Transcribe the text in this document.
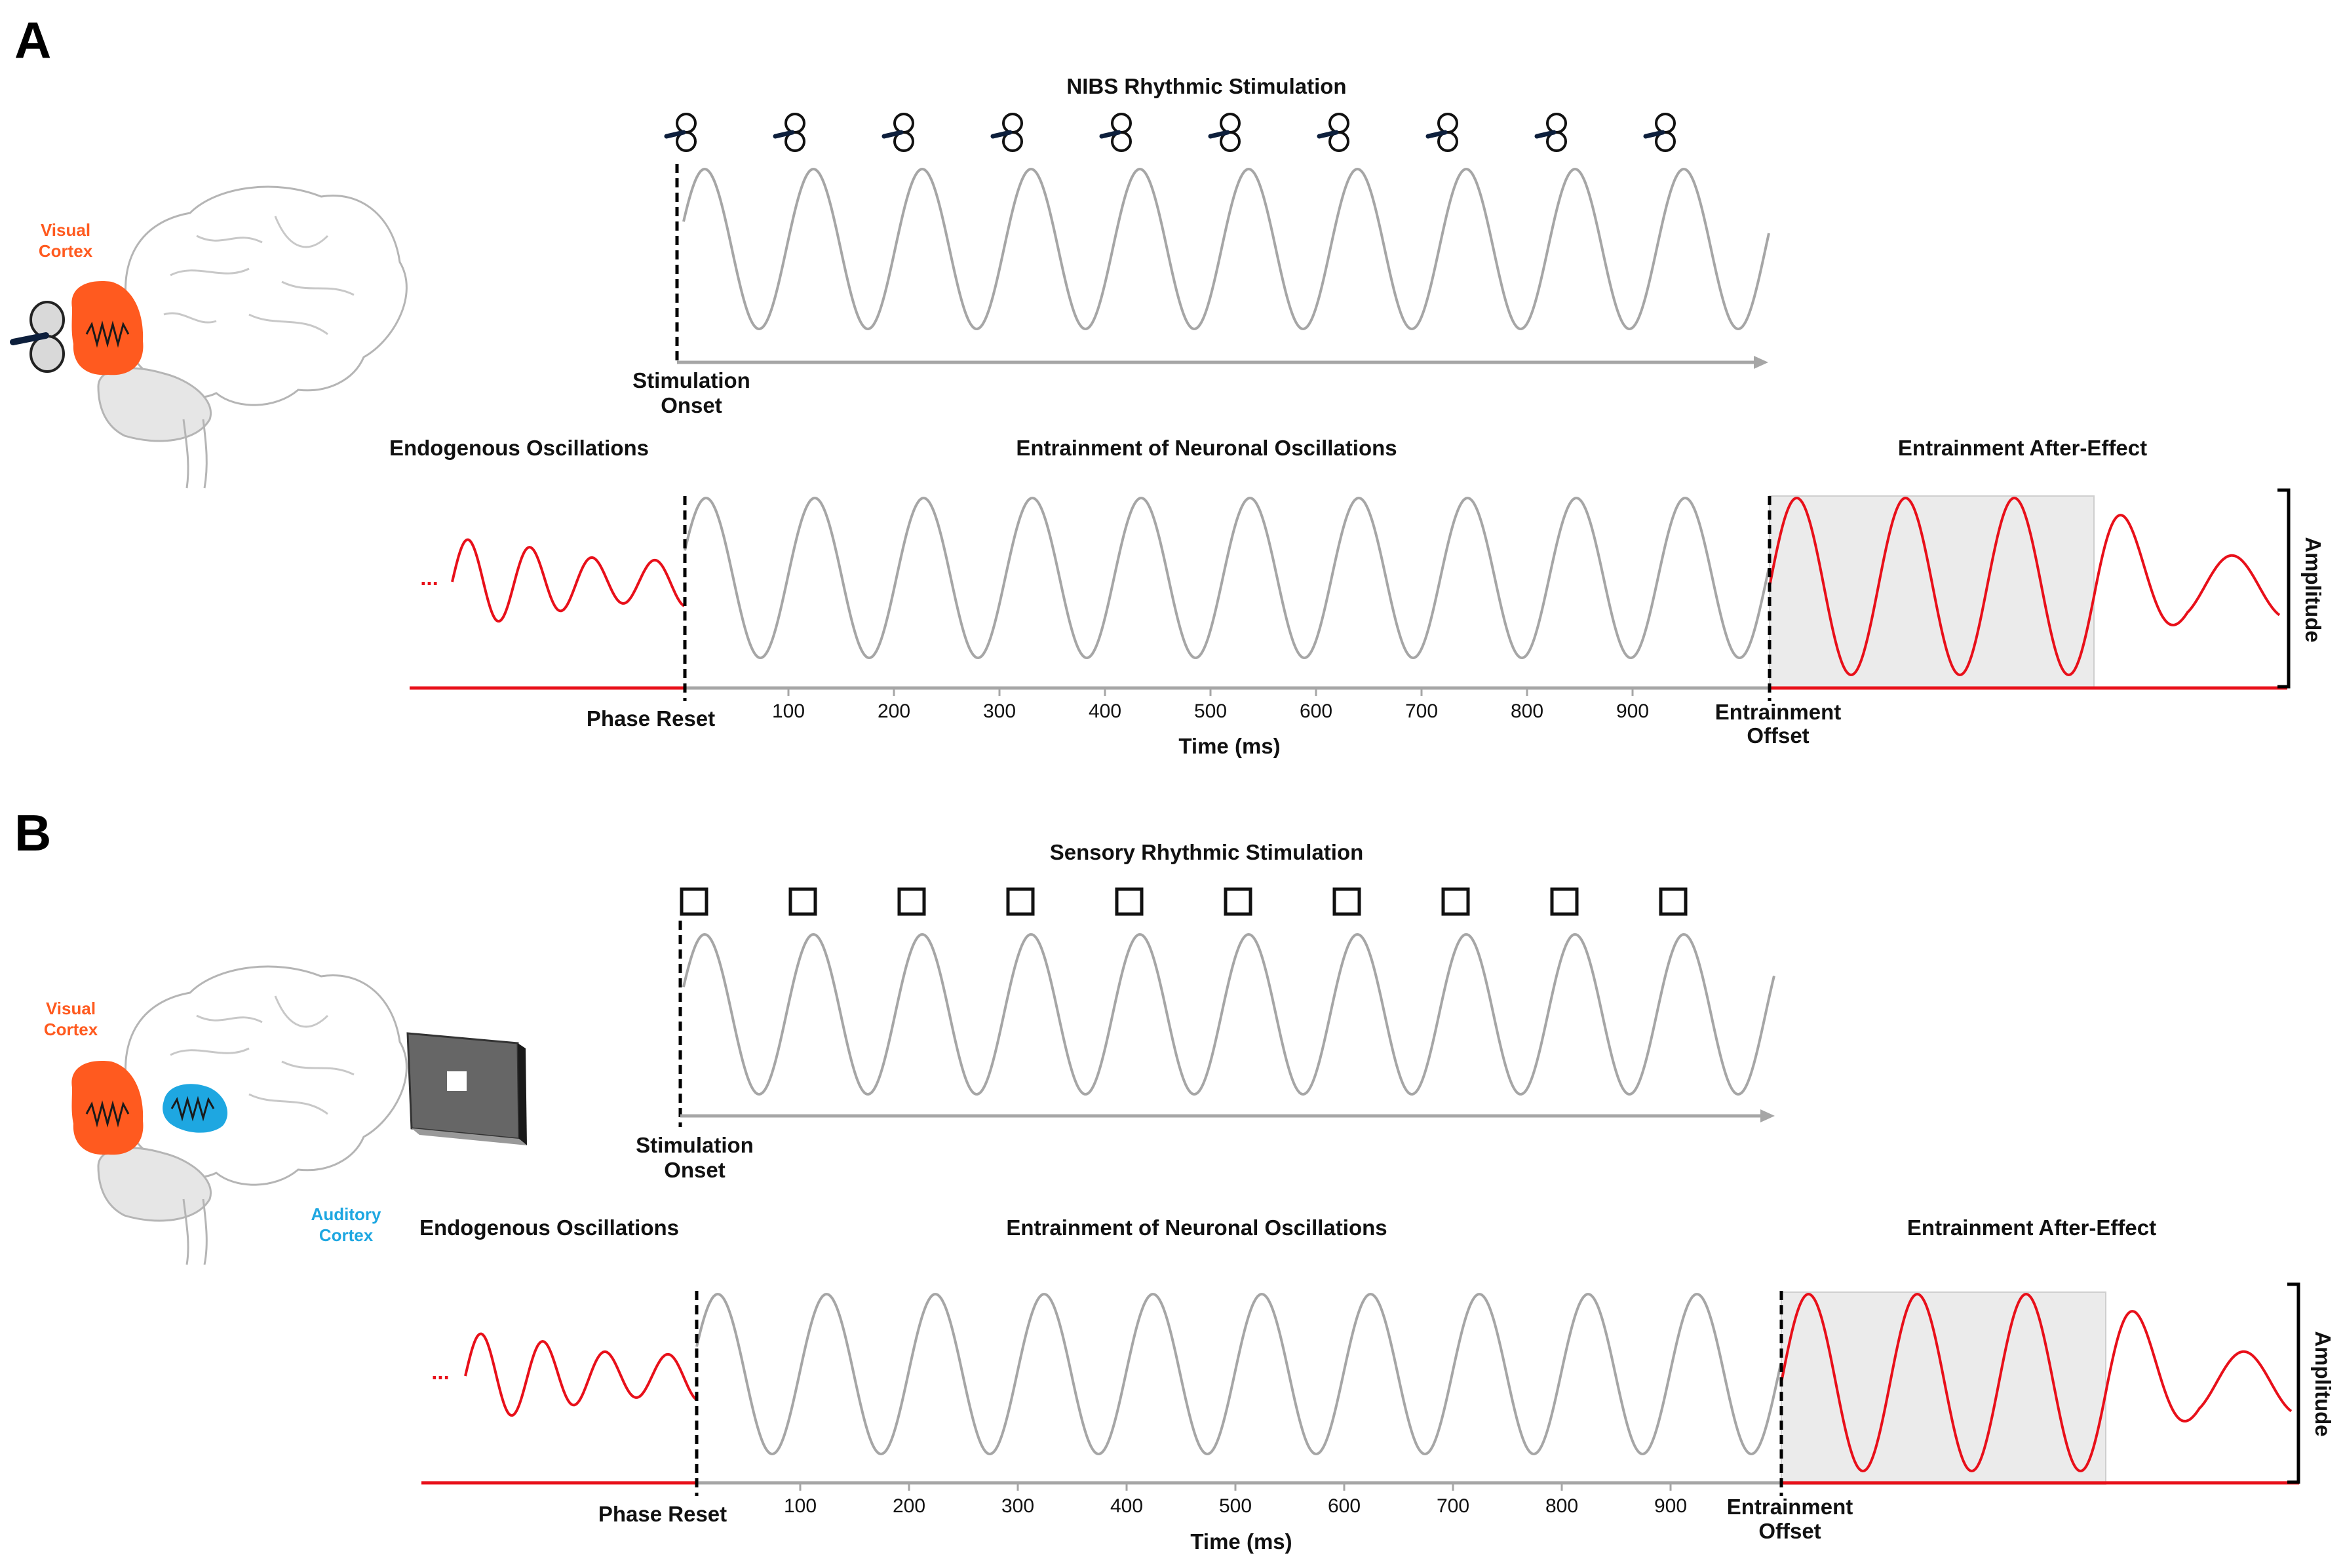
A
Visual
Cortex
NIBS Rhythmic Stimulation
Endogenous Oscillations	Entrainment of Neuronal Oscillations	Entrainment After-Effect
Stimulation
Onset
...
Phase Reset	Entrainment
Offset
100	200	300	400	500	600	700	800	900
Time (ms)
Amplitude
B
Visual
Cortex
Auditory
Cortex
Sensory Rhythmic Stimulation
Endogenous Oscillations	Entrainment of Neuronal Oscillations	Entrainment After-Effect
Stimulation
Onset
...
Phase Reset	Entrainment
Offset
100	200	300	400	500	600	700	800	900
Time (ms)
Amplitude
